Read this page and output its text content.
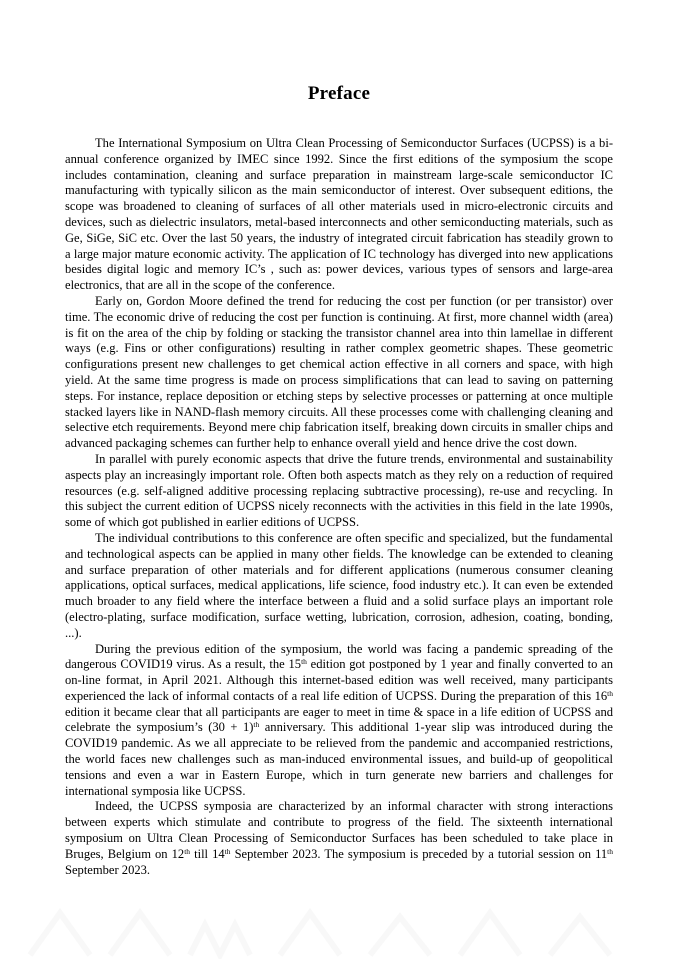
Preface

The International Symposium on Ultra Clean Processing of Semiconductor Surfaces (UCPSS) is a bi-annual conference organized by IMEC since 1992. Since the first editions of the symposium the scope includes contamination, cleaning and surface preparation in mainstream large-scale semiconductor IC manufacturing with typically silicon as the main semiconductor of interest. Over subsequent editions, the scope was broadened to cleaning of surfaces of all other materials used in micro-electronic circuits and devices, such as dielectric insulators, metal-based interconnects and other semiconducting materials, such as Ge, SiGe, SiC etc. Over the last 50 years, the industry of integrated circuit fabrication has steadily grown to a large major mature economic activity. The application of IC technology has diverged into new applications besides digital logic and memory IC’s , such as: power devices, various types of sensors and large-area electronics, that are all in the scope of the conference.

Early on, Gordon Moore defined the trend for reducing the cost per function (or per transistor) over time. The economic drive of reducing the cost per function is continuing. At first, more channel width (area) is fit on the area of the chip by folding or stacking the transistor channel area into thin lamellae in different ways (e.g. Fins or other configurations) resulting in rather complex geometric shapes. These geometric configurations present new challenges to get chemical action effective in all corners and space, with high yield. At the same time progress is made on process simplifications that can lead to saving on patterning steps. For instance, replace deposition or etching steps by selective processes or patterning at once multiple stacked layers like in NAND-flash memory circuits. All these processes come with challenging cleaning and selective etch requirements. Beyond mere chip fabrication itself, breaking down circuits in smaller chips and advanced packaging schemes can further help to enhance overall yield and hence drive the cost down.

In parallel with purely economic aspects that drive the future trends, environmental and sustainability aspects play an increasingly important role. Often both aspects match as they rely on a reduction of required resources (e.g. self-aligned additive processing replacing subtractive processing), re-use and recycling. In this subject the current edition of UCPSS nicely reconnects with the activities in this field in the late 1990s, some of which got published in earlier editions of UCPSS.

The individual contributions to this conference are often specific and specialized, but the fundamental and technological aspects can be applied in many other fields. The knowledge can be extended to cleaning and surface preparation of other materials and for different applications (numerous consumer cleaning applications, optical surfaces, medical applications, life science, food industry etc.). It can even be extended much broader to any field where the interface between a fluid and a solid surface plays an important role (electro-plating, surface modification, surface wetting, lubrication, corrosion, adhesion, coating, bonding, ...).

During the previous edition of the symposium, the world was facing a pandemic spreading of the dangerous COVID19 virus. As a result, the 15th edition got postponed by 1 year and finally converted to an on-line format, in April 2021. Although this internet-based edition was well received, many participants experienced the lack of informal contacts of a real life edition of UCPSS. During the preparation of this 16th edition it became clear that all participants are eager to meet in time & space in a life edition of UCPSS and celebrate the symposium’s $(30 + 1)^{th}$ anniversary. This additional 1-year slip was introduced during the COVID19 pandemic. As we all appreciate to be relieved from the pandemic and accompanied restrictions, the world faces new challenges such as man-induced environmental issues, and build-up of geopolitical tensions and even a war in Eastern Europe, which in turn generate new barriers and challenges for international symposia like UCPSS.

Indeed, the UCPSS symposia are characterized by an informal character with strong interactions between experts which stimulate and contribute to progress of the field. The sixteenth international symposium on Ultra Clean Processing of Semiconductor Surfaces has been scheduled to take place in Bruges, Belgium on 12th till 14th September 2023. The symposium is preceded by a tutorial session on 11th September 2023.
